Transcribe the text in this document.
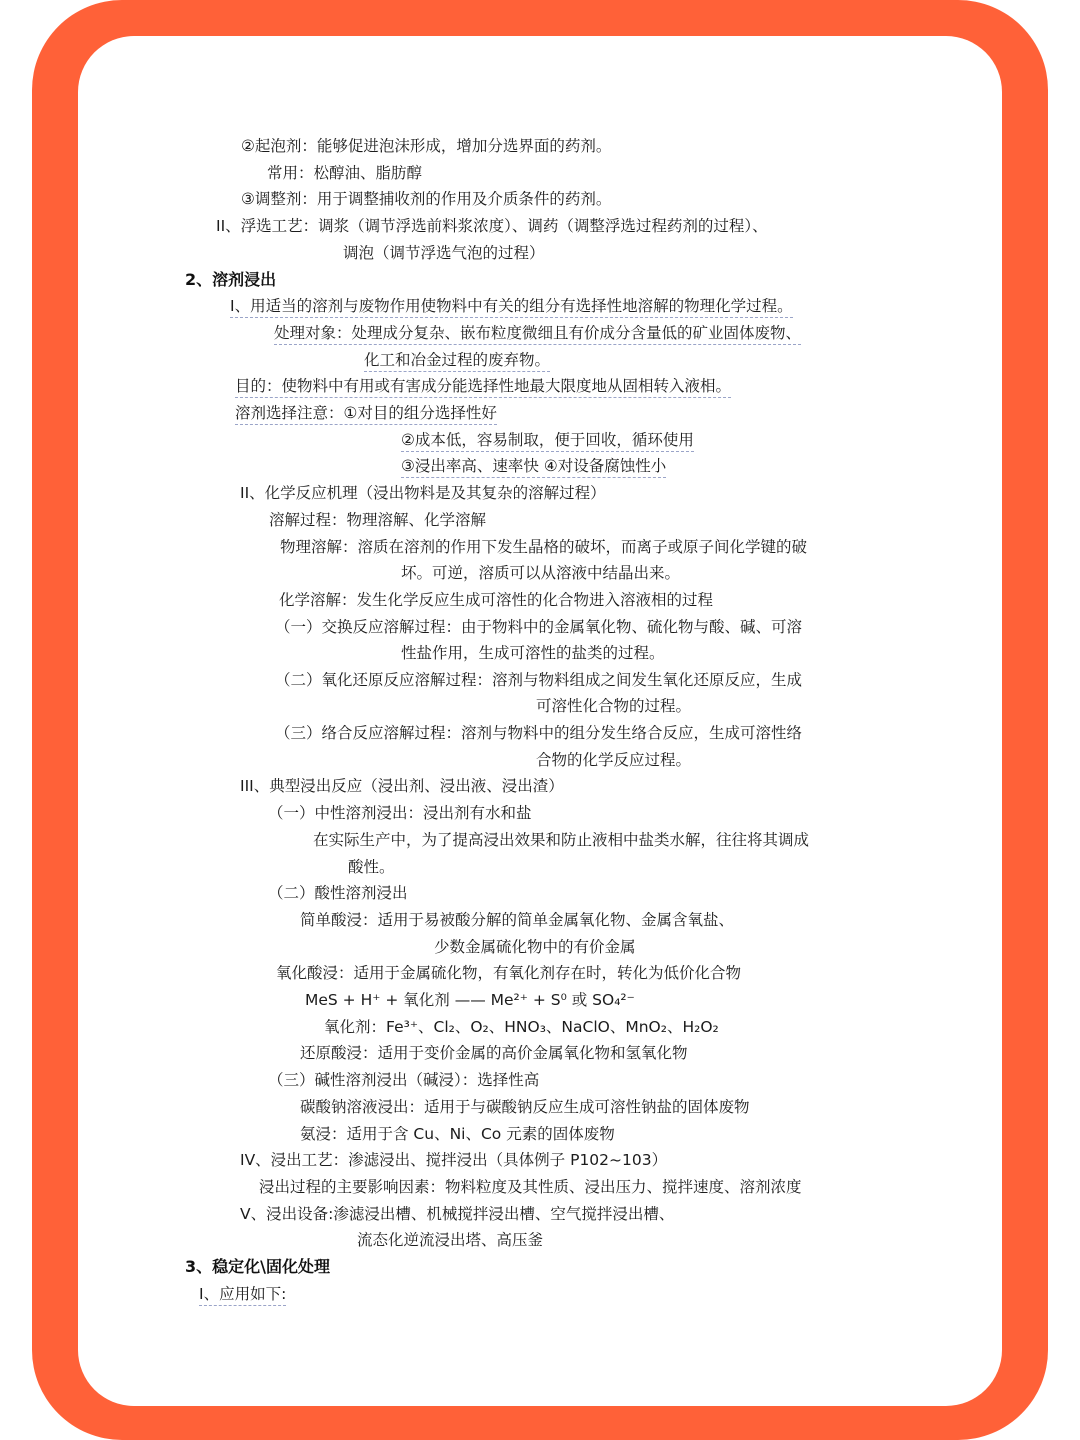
②起泡剂：能够促进泡沫形成，增加分选界面的药剂。
常用：松醇油、脂肪醇
③调整剂：用于调整捕收剂的作用及介质条件的药剂。
II、浮选工艺：调浆（调节浮选前料浆浓度）、调药（调整浮选过程药剂的过程）、
调泡（调节浮选气泡的过程）
2、溶剂浸出
I、用适当的溶剂与废物作用使物料中有关的组分有选择性地溶解的物理化学过程。
处理对象：处理成分复杂、嵌布粒度微细且有价成分含量低的矿业固体废物、
化工和冶金过程的废弃物。
目的：使物料中有用或有害成分能选择性地最大限度地从固相转入液相。
溶剂选择注意：①对目的组分选择性好
②成本低，容易制取，便于回收，循环使用
③浸出率高、速率快 ④对设备腐蚀性小
II、化学反应机理（浸出物料是及其复杂的溶解过程）
溶解过程：物理溶解、化学溶解
物理溶解：溶质在溶剂的作用下发生晶格的破坏，而离子或原子间化学键的破
坏。可逆，溶质可以从溶液中结晶出来。
化学溶解：发生化学反应生成可溶性的化合物进入溶液相的过程
（一）交换反应溶解过程：由于物料中的金属氧化物、硫化物与酸、碱、可溶
性盐作用，生成可溶性的盐类的过程。
（二）氧化还原反应溶解过程：溶剂与物料组成之间发生氧化还原反应，生成
可溶性化合物的过程。
（三）络合反应溶解过程：溶剂与物料中的组分发生络合反应，生成可溶性络
合物的化学反应过程。
III、典型浸出反应（浸出剂、浸出液、浸出渣）
（一）中性溶剂浸出：浸出剂有水和盐
在实际生产中，为了提高浸出效果和防止液相中盐类水解，往往将其调成
酸性。
（二）酸性溶剂浸出
简单酸浸：适用于易被酸分解的简单金属氧化物、金属含氧盐、
少数金属硫化物中的有价金属
氧化酸浸：适用于金属硫化物，有氧化剂存在时，转化为低价化合物
MeS + H⁺ + 氧化剂 —— Me²⁺ + S⁰ 或 SO₄²⁻
氧化剂：Fe³⁺、Cl₂、O₂、HNO₃、NaClO、MnO₂、H₂O₂
还原酸浸：适用于变价金属的高价金属氧化物和氢氧化物
（三）碱性溶剂浸出（碱浸）：选择性高
碳酸钠溶液浸出：适用于与碳酸钠反应生成可溶性钠盐的固体废物
氨浸：适用于含 Cu、Ni、Co 元素的固体废物
IV、浸出工艺：渗滤浸出、搅拌浸出（具体例子 P102~103）
浸出过程的主要影响因素：物料粒度及其性质、浸出压力、搅拌速度、溶剂浓度
V、浸出设备:渗滤浸出槽、机械搅拌浸出槽、空气搅拌浸出槽、
流态化逆流浸出塔、高压釜
3、稳定化\固化处理
I、应用如下:
